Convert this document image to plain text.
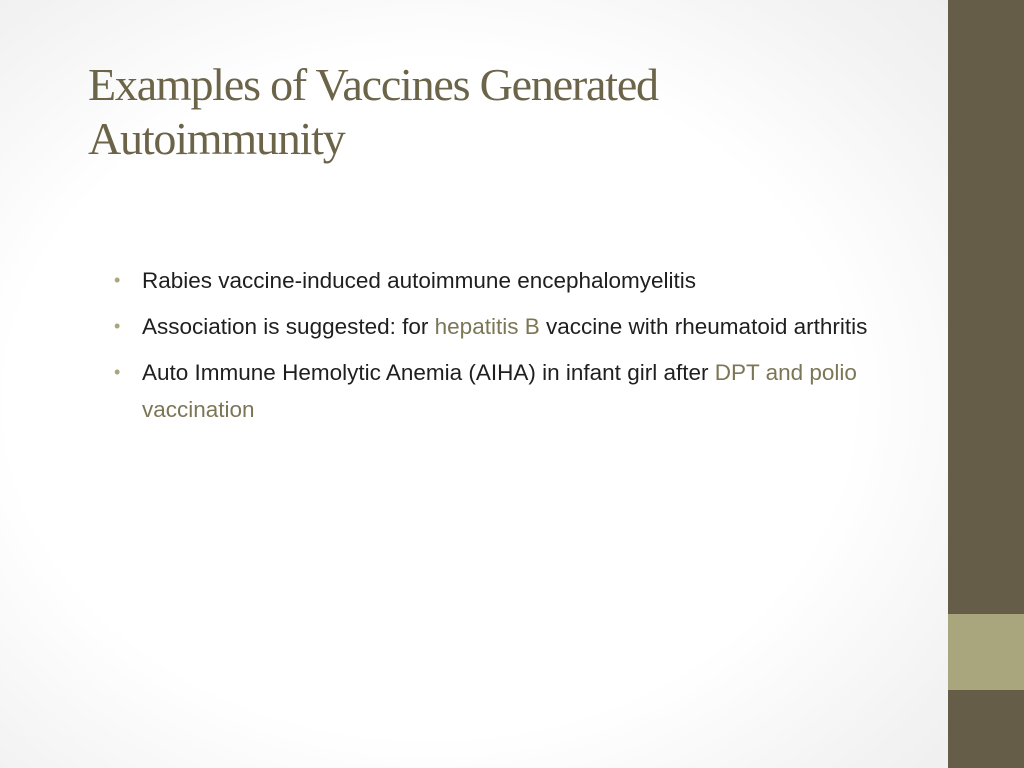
Examples of Vaccines Generated
Autoimmunity
• Rabies vaccine-induced autoimmune encephalomyelitis
• Association is suggested: for hepatitis B vaccine with rheumatoid arthritis
• Auto Immune Hemolytic Anemia (AIHA) in infant girl after DPT and polio vaccination
